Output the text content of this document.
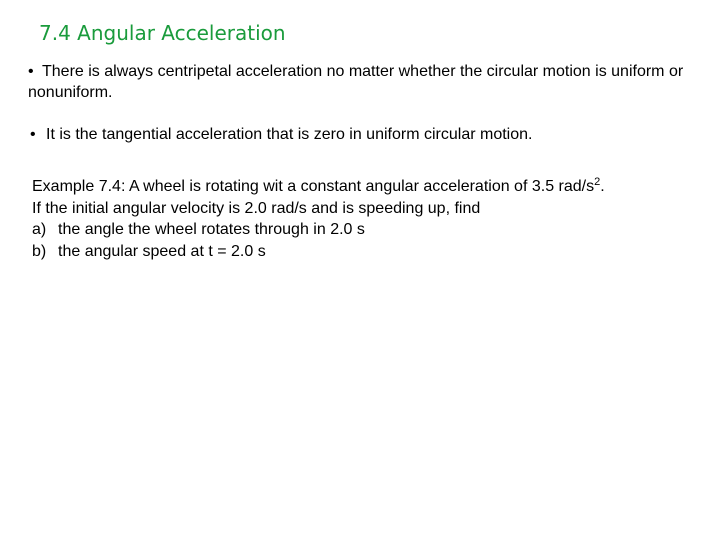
7.4 Angular Acceleration
• There is always centripetal acceleration no matter whether the circular motion is uniform or nonuniform.
• It is the tangential acceleration that is zero in uniform circular motion.
Example 7.4: A wheel is rotating wit a constant angular acceleration of 3.5 rad/$s^2$.
If the initial angular velocity is 2.0 rad/s and is speeding up, find
a) the angle the wheel rotates through in 2.0 s
b) the angular speed at t = 2.0 s
